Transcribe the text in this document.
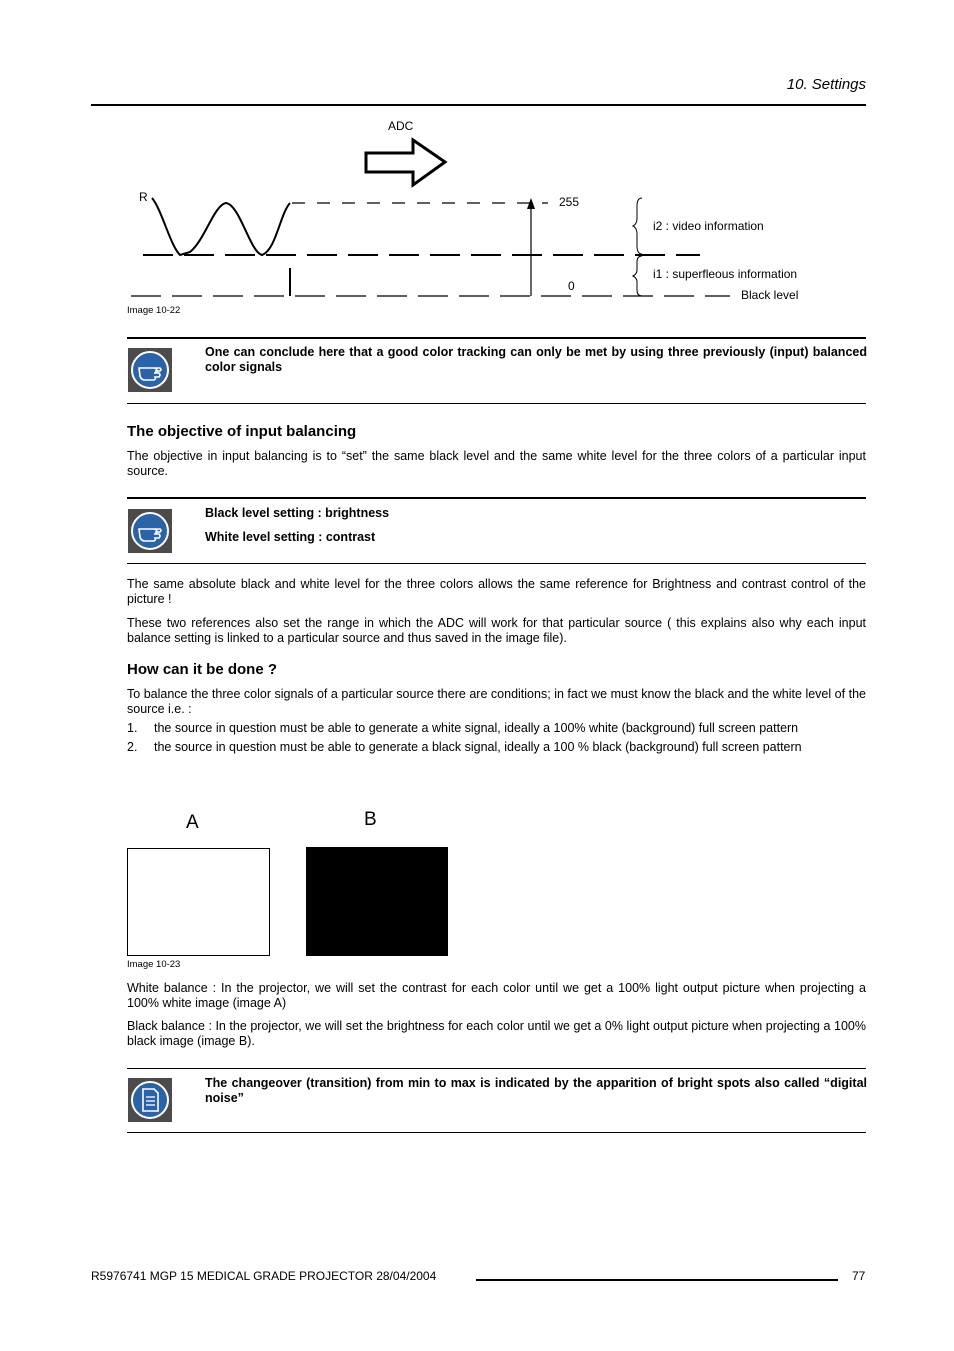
10. Settings
ADC
R	255
0
i2 : video information
i1 : superfleous information
Black level
Image 10-22
One can conclude here that a good color tracking can only be met by using three previously (input) balanced color signals
The objective of input balancing
The objective in input balancing is to “set” the same black level and the same white level for the three colors of a particular input source.
Black level setting : brightness
White level setting : contrast
The same absolute black and white level for the three colors allows the same reference for Brightness and contrast control of the picture !
These two references also set the range in which the ADC will work for that particular source ( this explains also why each input balance setting is linked to a particular source and thus saved in the image file).
How can it be done ?
To balance the three color signals of a particular source there are conditions; in fact we must know the black and the white level of the source i.e. :
1. the source in question must be able to generate a white signal, ideally a 100% white (background) full screen pattern
2. the source in question must be able to generate a black signal, ideally a 100 % black (background) full screen pattern
A	B
Image 10-23
White balance : In the projector, we will set the contrast for each color until we get a 100% light output picture when projecting a 100% white image (image A)
Black balance : In the projector, we will set the brightness for each color until we get a 0% light output picture when projecting a 100% black image (image B).
The changeover (transition) from min to max is indicated by the apparition of bright spots also called “digital noise”
R5976741 MGP 15 MEDICAL GRADE PROJECTOR 28/04/2004	77
